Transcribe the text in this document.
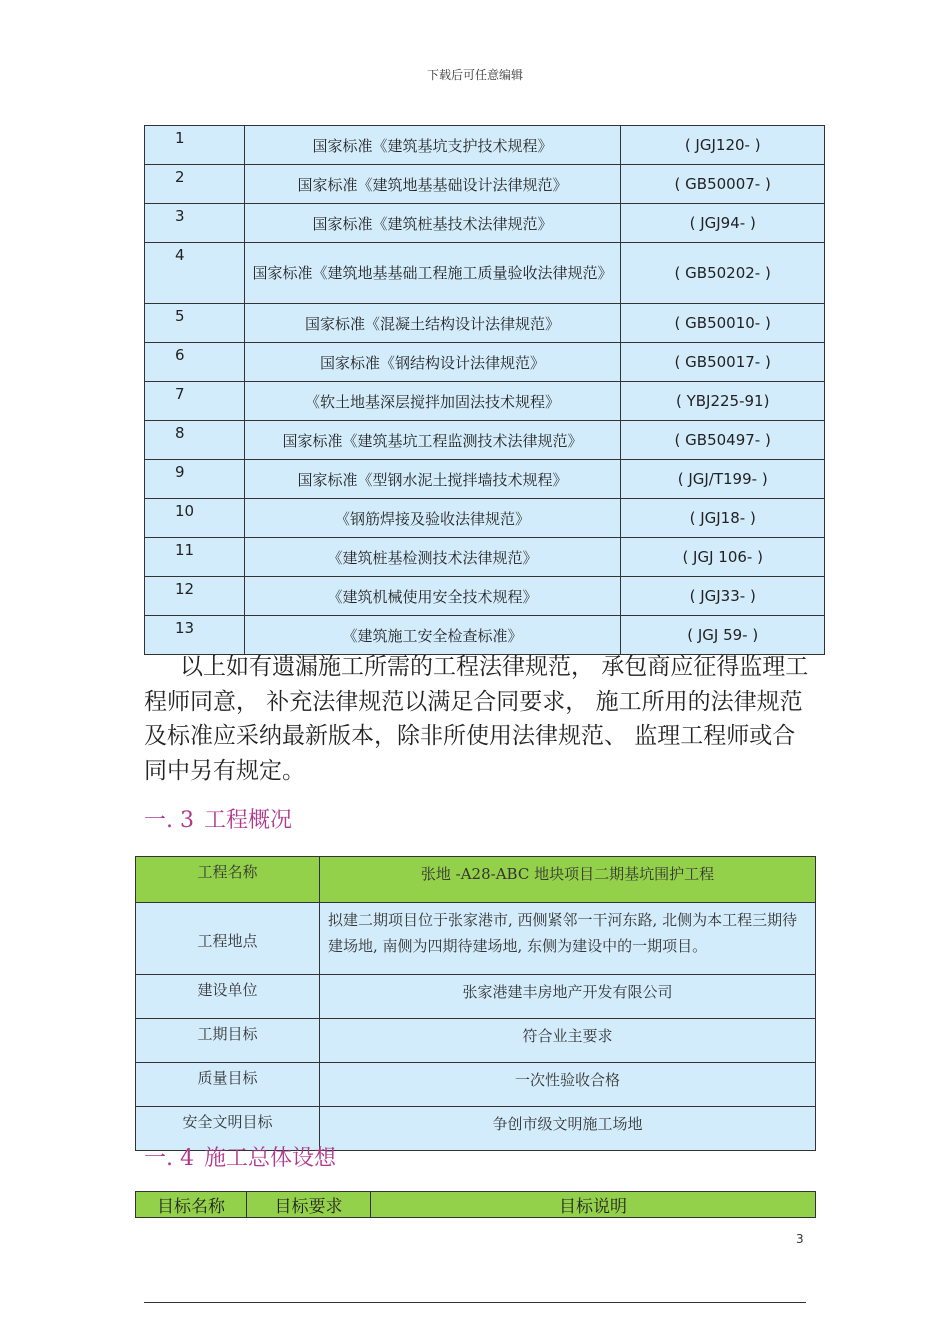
下载后可任意编辑
1	国家标准《建筑基坑支护技术规程》	( JGJ120- )
2	国家标准《建筑地基基础设计法律规范》	( GB50007- )
3	国家标准《建筑桩基技术法律规范》	( JGJ94- )
4	国家标准《建筑地基基础工程施工质量验收法律规范》	( GB50202- )
5	国家标准《混凝土结构设计法律规范》	( GB50010- )
6	国家标准《钢结构设计法律规范》	( GB50017- )
7	《软土地基深层搅拌加固法技术规程》	( YBJ225-91)
8	国家标准《建筑基坑工程监测技术法律规范》	( GB50497- )
9	国家标准《型钢水泥土搅拌墙技术规程》	( JGJ/T199- )
10	《钢筋焊接及验收法律规范》	( JGJ18- )
11	《建筑桩基检测技术法律规范》	( JGJ 106- )
12	《建筑机械使用安全技术规程》	( JGJ33- )
13	《建筑施工安全检查标准》	( JGJ 59- )
以上如有遗漏施工所需的工程法律规范， 承包商应征得监理工程师同意， 补充法律规范以满足合同要求， 施工所用的法律规范及标准应采纳最新版本，除非所使用法律规范、 监理工程师或合同中另有规定。
一. 3 工程概况
工程名称	张地 -A28-ABC 地块项目二期基坑围护工程
工程地点	拟建二期项目位于张家港市, 西侧紧邻一干河东路, 北侧为本工程三期待建场地, 南侧为四期待建场地, 东侧为建设中的一期项目。
建设单位	张家港建丰房地产开发有限公司
工期目标	符合业主要求
质量目标	一次性验收合格
安全文明目标	争创市级文明施工场地
一. 4 施工总体设想
目标名称	目标要求	目标说明
3
